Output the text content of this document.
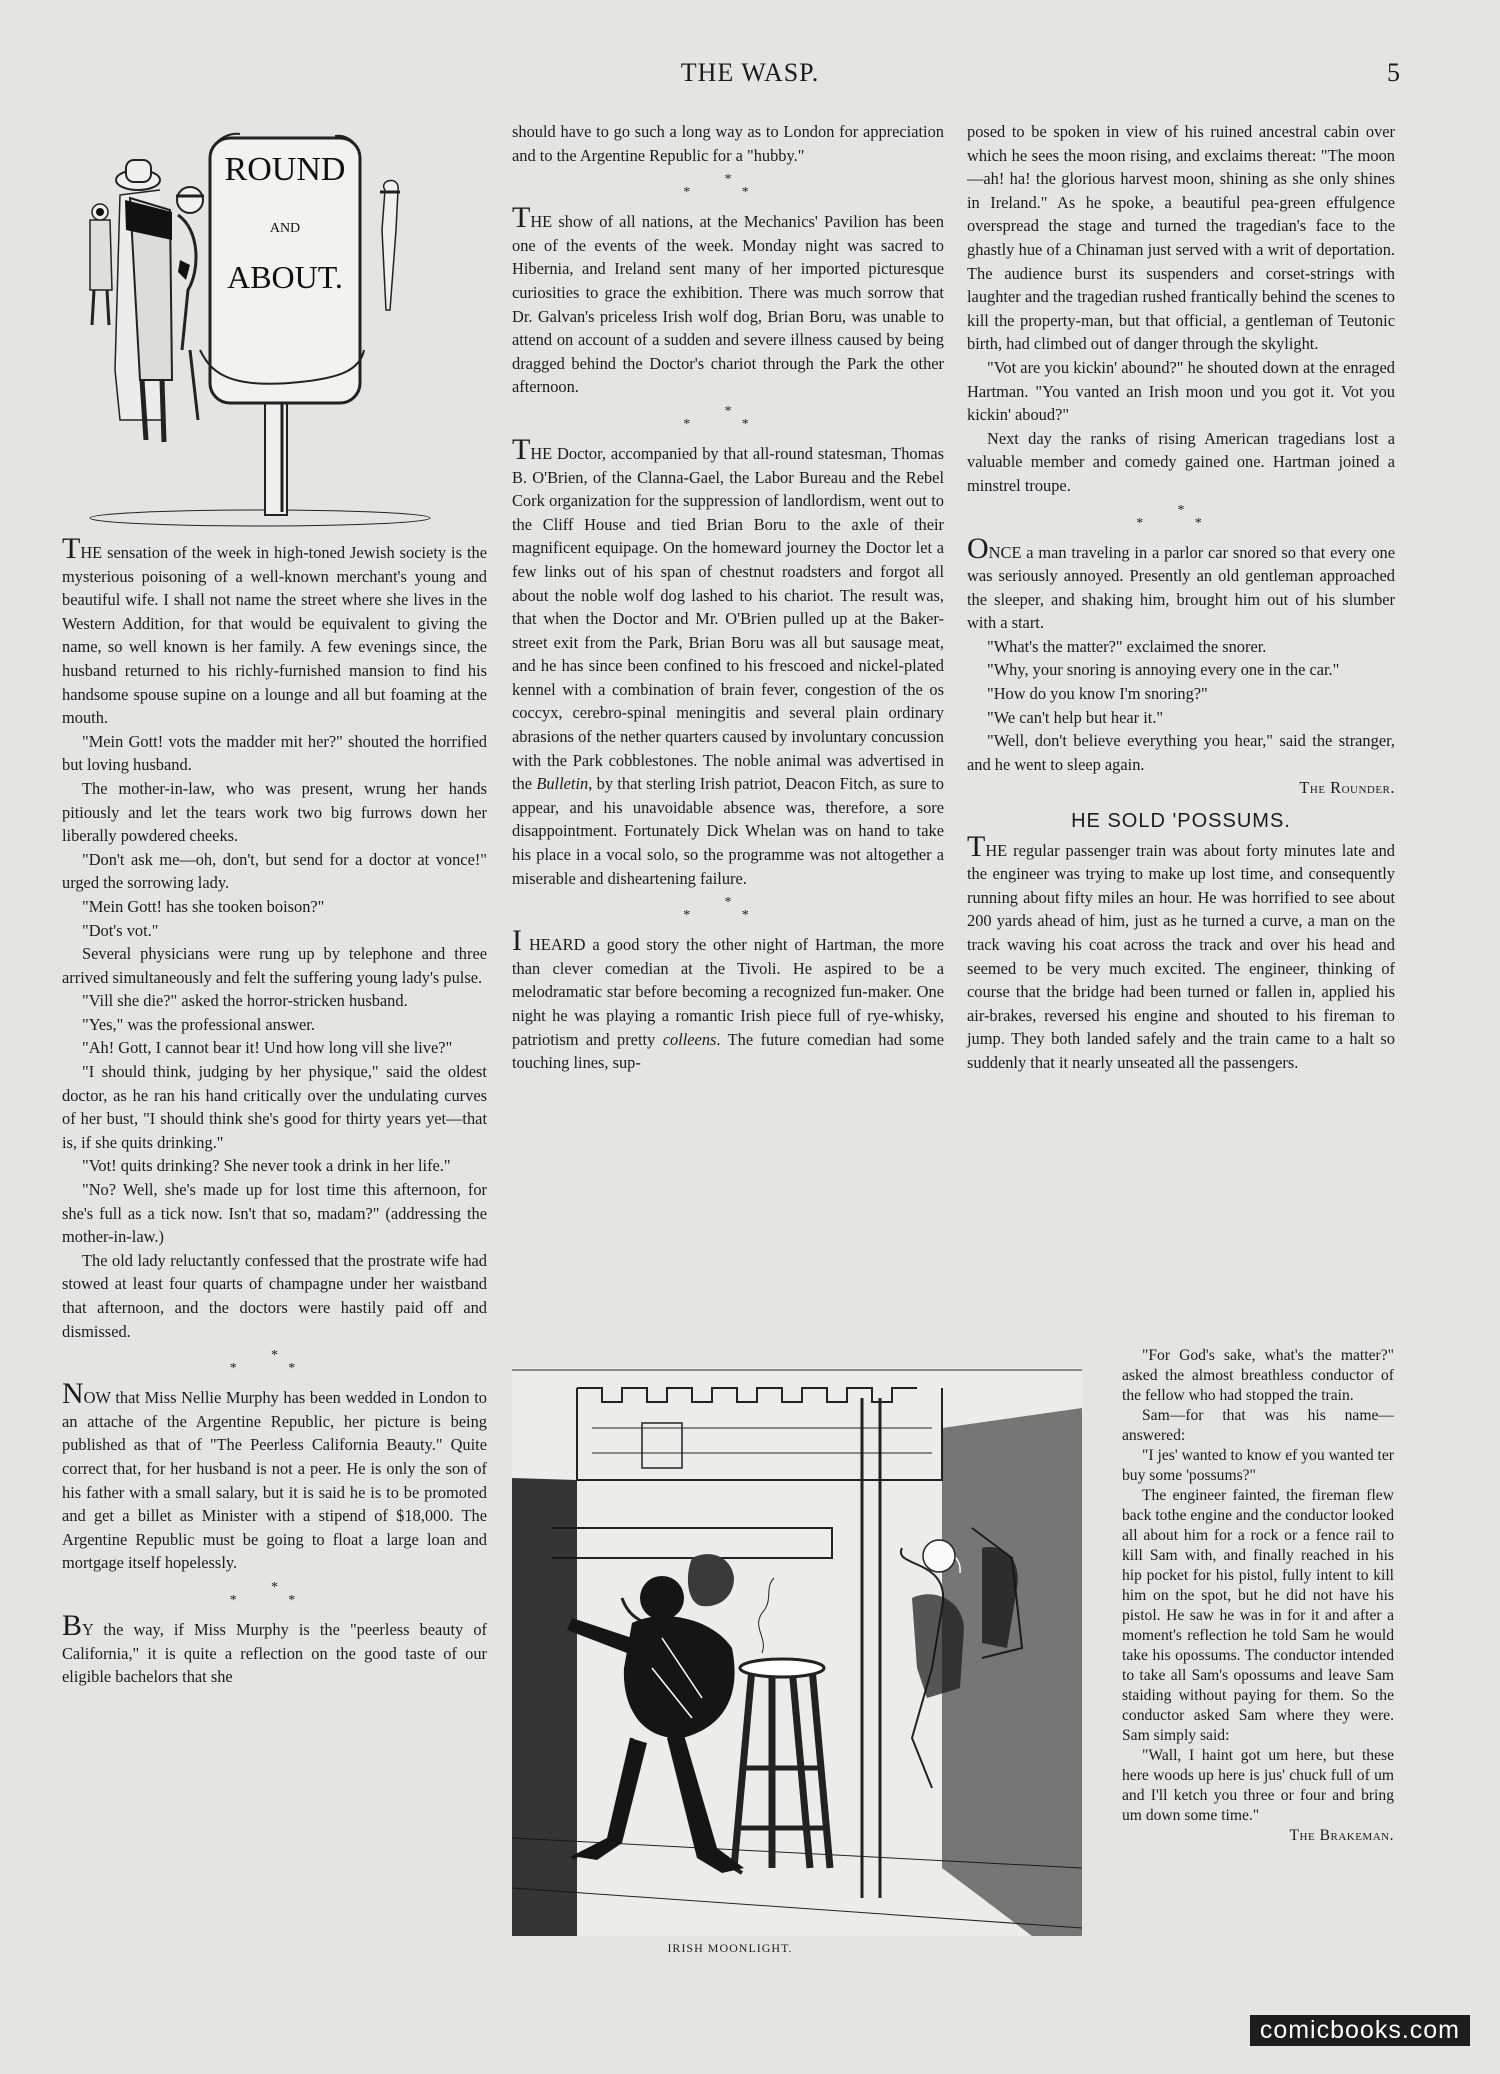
THE WASP.	5
ROUND
AND
ABOUT.

THE sensation of the week in high-toned Jewish society is the mysterious poisoning of a well-known merchant's young and beautiful wife. I shall not name the street where she lives in the Western Addition, for that would be equivalent to giving the name, so well known is her family. A few evenings since, the husband returned to his richly-furnished mansion to find his handsome spouse supine on a lounge and all but foaming at the mouth.

"Mein Gott! vots the madder mit her?" shouted the horrified but loving husband.

The mother-in-law, who was present, wrung her hands pitiously and let the tears work two big furrows down her liberally powdered cheeks.

"Don't ask me—oh, don't, but send for a doctor at vonce!" urged the sorrowing lady.

"Mein Gott! has she tooken boison?"

"Dot's vot."

Several physicians were rung up by telephone and three arrived simultaneously and felt the suffering young lady's pulse.

"Vill she die?" asked the horror-stricken husband.

"Yes," was the professional answer.

"Ah! Gott, I cannot bear it! Und how long vill she live?"

"I should think, judging by her physique," said the oldest doctor, as he ran his hand critically over the undulating curves of her bust, "I should think she's good for thirty years yet—that is, if she quits drinking."

"Vot! quits drinking? She never took a drink in her life."

"No? Well, she's made up for lost time this afternoon, for she's full as a tick now. Isn't that so, madam?" (addressing the mother-in-law.)

The old lady reluctantly confessed that the prostrate wife had stowed at least four quarts of champagne under her waistband that afternoon, and the doctors were hastily paid off and dismissed.

*
* *

NOW that Miss Nellie Murphy has been wedded in London to an attache of the Argentine Republic, her picture is being published as that of "The Peerless California Beauty." Quite correct that, for her husband is not a peer. He is only the son of his father with a small salary, but it is said he is to be promoted and get a billet as Minister with a stipend of $18,000. The Argentine Republic must be going to float a large loan and mortgage itself hopelessly.

*
* *

BY the way, if Miss Murphy is the "peerless beauty of California," it is quite a reflection on the good taste of our eligible bachelors that she

should have to go such a long way as to London for appreciation and to the Argentine Republic for a "hubby."

*
* *

THE show of all nations, at the Mechanics' Pavilion has been one of the events of the week. Monday night was sacred to Hibernia, and Ireland sent many of her imported picturesque curiosities to grace the exhibition. There was much sorrow that Dr. Galvan's priceless Irish wolf dog, Brian Boru, was unable to attend on account of a sudden and severe illness caused by being dragged behind the Doctor's chariot through the Park the other afternoon.

*
* *

THE Doctor, accompanied by that all-round statesman, Thomas B. O'Brien, of the Clanna-Gael, the Labor Bureau and the Rebel Cork organization for the suppression of landlordism, went out to the Cliff House and tied Brian Boru to the axle of their magnificent equipage. On the homeward journey the Doctor let a few links out of his span of chestnut roadsters and forgot all about the noble wolf dog lashed to his chariot. The result was, that when the Doctor and Mr. O'Brien pulled up at the Baker-street exit from the Park, Brian Boru was all but sausage meat, and he has since been confined to his frescoed and nickel-plated kennel with a combination of brain fever, congestion of the os coccyx, cerebro-spinal meningitis and several plain ordinary abrasions of the nether quarters caused by involuntary concussion with the Park cobblestones. The noble animal was advertised in the Bulletin, by that sterling Irish patriot, Deacon Fitch, as sure to appear, and his unavoidable absence was, therefore, a sore disappointment. Fortunately Dick Whelan was on hand to take his place in a vocal solo, so the programme was not altogether a miserable and disheartening failure.

*
* *

I HEARD a good story the other night of Hartman, the more than clever comedian at the Tivoli. He aspired to be a melodramatic star before becoming a recognized fun-maker. One night he was playing a romantic Irish piece full of rye-whisky, patriotism and pretty colleens. The future comedian had some touching lines, sup-

IRISH MOONLIGHT.

posed to be spoken in view of his ruined ancestral cabin over which he sees the moon rising, and exclaims thereat: "The moon—ah! ha! the glorious harvest moon, shining as she only shines in Ireland." As he spoke, a beautiful pea-green effulgence overspread the stage and turned the tragedian's face to the ghastly hue of a Chinaman just served with a writ of deportation. The audience burst its suspenders and corset-strings with laughter and the tragedian rushed frantically behind the scenes to kill the property-man, but that official, a gentleman of Teutonic birth, had climbed out of danger through the skylight.

"Vot are you kickin' abound?" he shouted down at the enraged Hartman. "You vanted an Irish moon und you got it. Vot you kickin' aboud?"

Next day the ranks of rising American tragedians lost a valuable member and comedy gained one. Hartman joined a minstrel troupe.

*
* *

ONCE a man traveling in a parlor car snored so that every one was seriously annoyed. Presently an old gentleman approached the sleeper, and shaking him, brought him out of his slumber with a start.

"What's the matter?" exclaimed the snorer.

"Why, your snoring is annoying every one in the car."

"How do you know I'm snoring?"

"We can't help but hear it."

"Well, don't believe everything you hear," said the stranger, and he went to sleep again.

The Rounder.

HE SOLD 'POSSUMS.

THE regular passenger train was about forty minutes late and the engineer was trying to make up lost time, and consequently running about fifty miles an hour. He was horrified to see about 200 yards ahead of him, just as he turned a curve, a man on the track waving his coat across the track and over his head and seemed to be very much excited. The engineer, thinking of course that the bridge had been turned or fallen in, applied his air-brakes, reversed his engine and shouted to his fireman to jump. They both landed safely and the train came to a halt so suddenly that it nearly unseated all the passengers.

"For God's sake, what's the matter?" asked the almost breathless conductor of the fellow who had stopped the train.

Sam—for that was his name—answered:

"I jes' wanted to know ef you wanted ter buy some 'possums?"

The engineer fainted, the fireman flew back tothe engine and the conductor looked all about him for a rock or a fence rail to kill Sam with, and finally reached in his hip pocket for his pistol, fully intent to kill him on the spot, but he did not have his pistol. He saw he was in for it and after a moment's reflection he told Sam he would take his opossums. The conductor intended to take all Sam's opossums and leave Sam staiding without paying for them. So the conductor asked Sam where they were. Sam simply said:

"Wall, I haint got um here, but these here woods up here is jus' chuck full of um and I'll ketch you three or four and bring um down some time."

The Brakeman.

comicbooks.com
